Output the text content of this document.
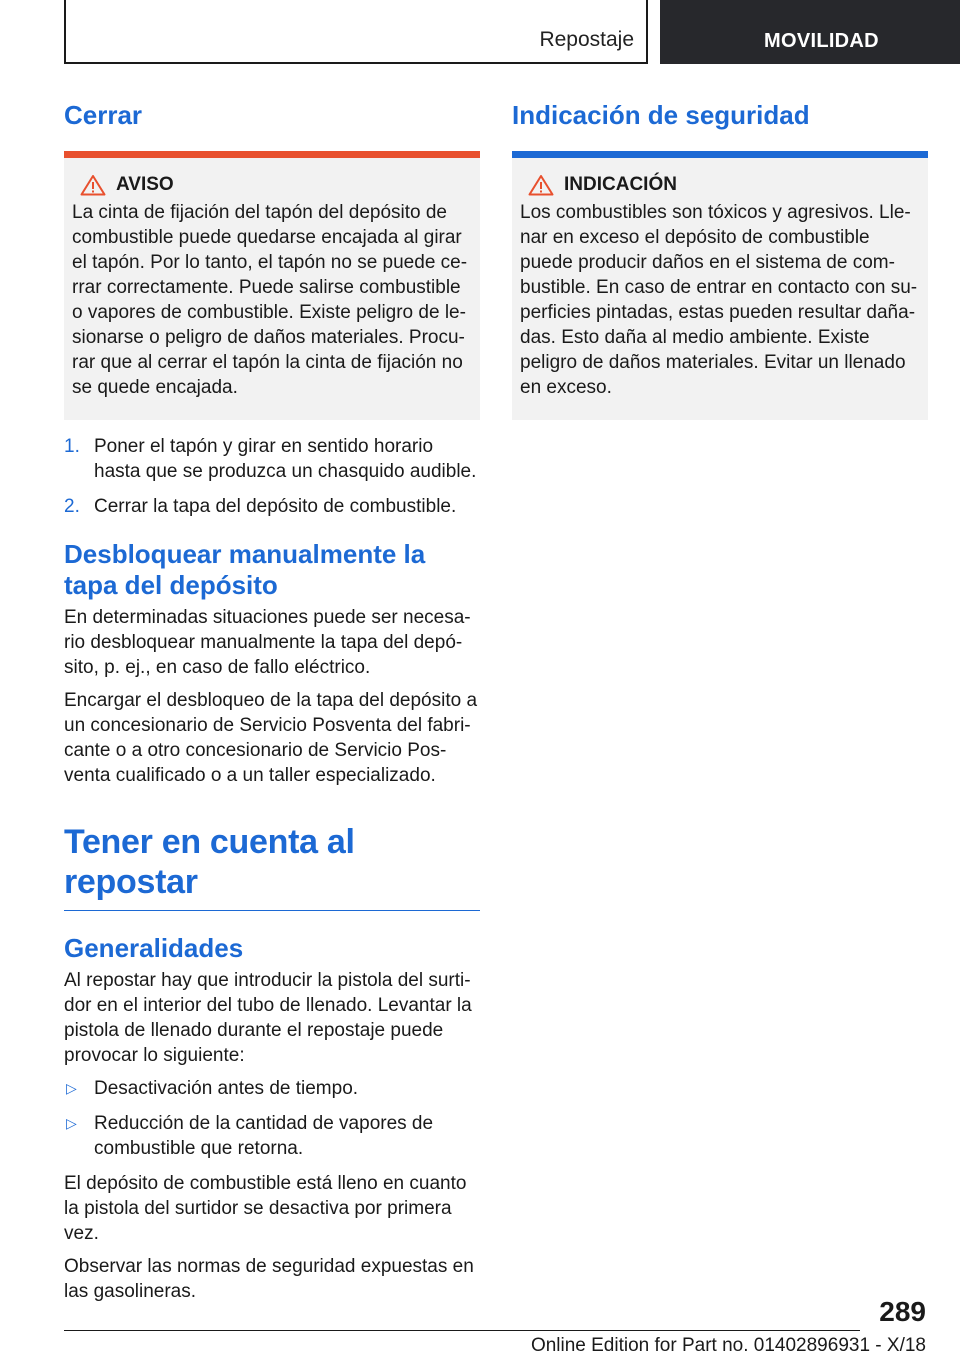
Repostaje	MOVILIDAD
Cerrar
AVISO

La cinta de fijación del tapón del depósito de combustible puede quedarse encajada al girar el tapón. Por lo tanto, el tapón no se puede ce-rrar correctamente. Puede salirse combustible o vapores de combustible. Existe peligro de le-sionarse o peligro de daños materiales. Procu-rar que al cerrar el tapón la cinta de fijación no se quede encajada.

1. Poner el tapón y girar en sentido horario hasta que se produzca un chasquido audible.
2. Cerrar la tapa del depósito de combustible.
Desbloquear manualmente la tapa del depósito

En determinadas situaciones puede ser necesa-rio desbloquear manualmente la tapa del depó-sito, p. ej., en caso de fallo eléctrico.

Encargar el desbloqueo de la tapa del depósito a un concesionario de Servicio Posventa del fabri-cante o a otro concesionario de Servicio Pos-venta cualificado o a un taller especializado.

Tener en cuenta al repostar
Generalidades

Al repostar hay que introducir la pistola del surti-dor en el interior del tubo de llenado. Levantar la pistola de llenado durante el repostaje puede provocar lo siguiente:

▷ Desactivación antes de tiempo.
▷ Reducción de la cantidad de vapores de combustible que retorna.

El depósito de combustible está lleno en cuanto la pistola del surtidor se desactiva por primera vez.

Observar las normas de seguridad expuestas en las gasolineras.

Indicación de seguridad
INDICACIÓN

Los combustibles son tóxicos y agresivos. Lle-nar en exceso el depósito de combustible puede producir daños en el sistema de com-bustible. En caso de entrar en contacto con su-perficies pintadas, estas pueden resultar daña-das. Esto daña al medio ambiente. Existe peligro de daños materiales. Evitar un llenado en exceso.

289
Online Edition for Part no. 01402896931 - X/18
